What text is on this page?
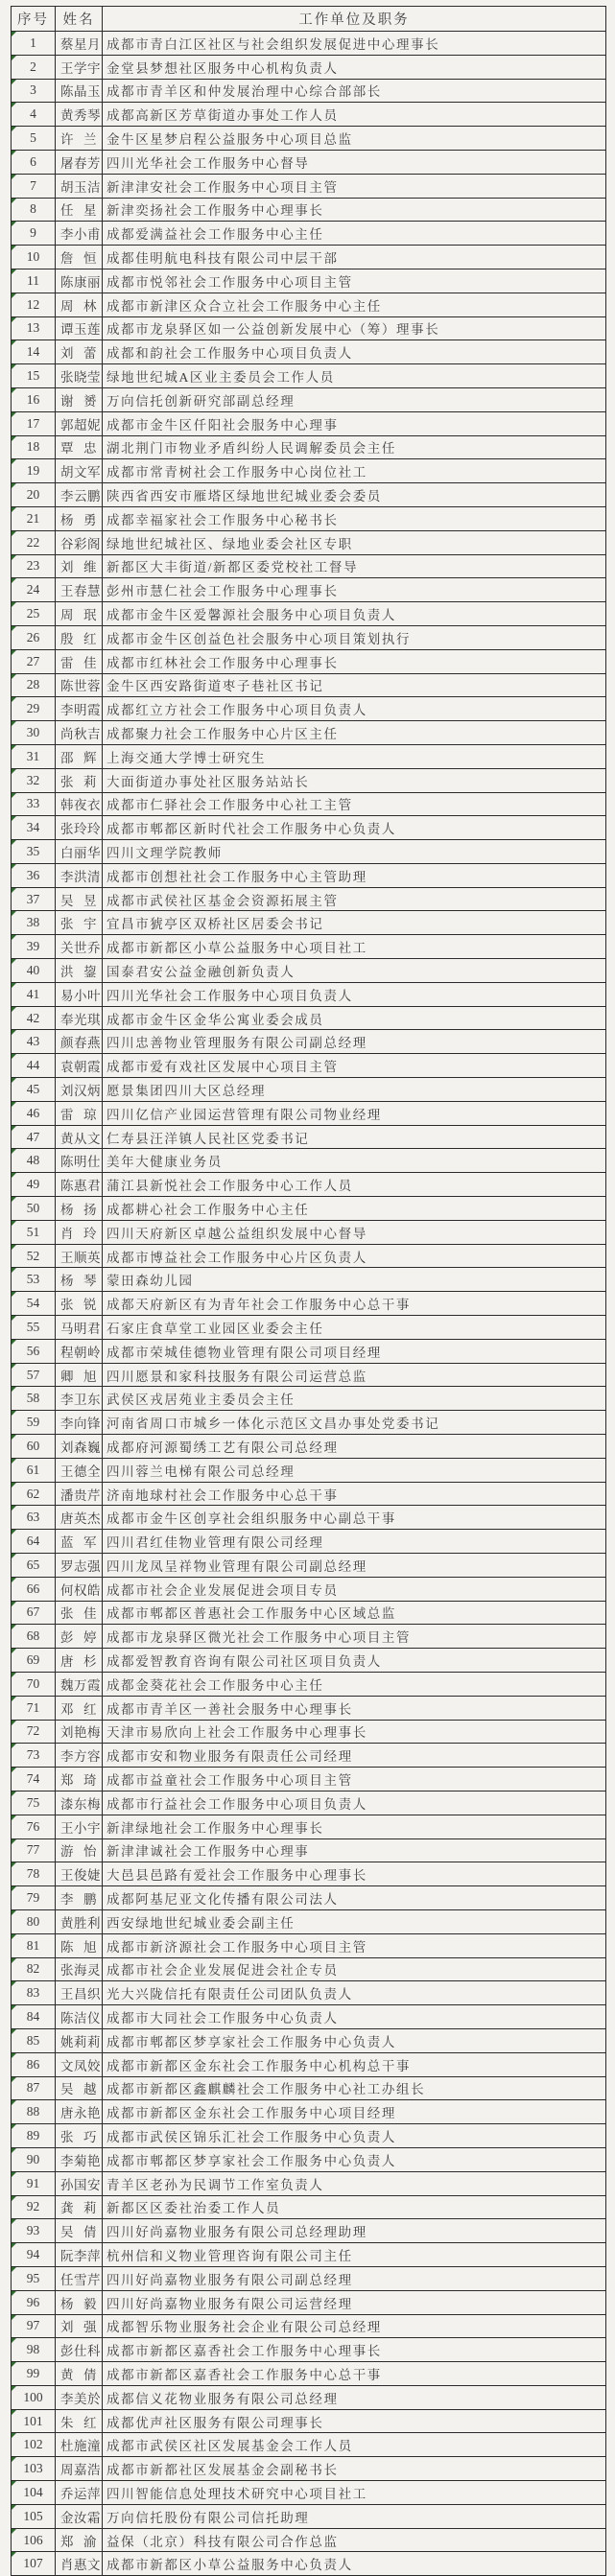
序号	姓名	工作单位及职务

1	蔡星月	成都市青白江区社区与社会组织发展促进中心理事长

2	王学宇	金堂县梦想社区服务中心机构负责人

3	陈晶玉	成都市青羊区和仲发展治理中心综合部部长

4	黄秀琴	成都高新区芳草街道办事处工作人员

5	许兰	金牛区星梦启程公益服务中心项目总监

6	屠春芳	四川光华社会工作服务中心督导

7	胡玉洁	新津津安社会工作服务中心项目主管

8	任星	新津奕扬社会工作服务中心理事长

9	李小甫	成都爱满益社会工作服务中心主任

10	詹恒	成都佳明航电科技有限公司中层干部

11	陈康丽	成都市悦邻社会工作服务中心项目主管

12	周林	成都市新津区众合立社会工作服务中心主任

13	谭玉莲	成都市龙泉驿区如一公益创新发展中心（筹）理事长

14	刘蕾	成都和韵社会工作服务中心项目负责人

15	张晓莹	绿地世纪城A区业主委员会工作人员

16	谢赟	万向信托创新研究部副总经理

17	郭超妮	成都市金牛区仟阳社会服务中心理事

18	覃忠	湖北荆门市物业矛盾纠纷人民调解委员会主任

19	胡文军	成都市常青树社会工作服务中心岗位社工

20	李云鹏	陕西省西安市雁塔区绿地世纪城业委会委员

21	杨勇	成都幸福家社会工作服务中心秘书长

22	谷彩阁	绿地世纪城社区、绿地业委会社区专职

23	刘维	新都区大丰街道/新都区委党校社工督导

24	王春慧	彭州市慧仁社会工作服务中心理事长

25	周珉	成都市金牛区爱馨源社会服务中心项目负责人

26	殷红	成都市金牛区创益色社会服务中心项目策划执行

27	雷佳	成都市红林社会工作服务中心理事长

28	陈世蓉	金牛区西安路街道枣子巷社区书记

29	李明霞	成都红立方社会工作服务中心项目负责人

30	尚秋吉	成都聚力社会工作服务中心片区主任

31	邵辉	上海交通大学博士研究生

32	张莉	大面街道办事处社区服务站站长

33	韩夜衣	成都市仁驿社会工作服务中心社工主管

34	张玲玲	成都市郫都区新时代社会工作服务中心负责人

35	白丽华	四川文理学院教师

36	李洪清	成都市创想社社会工作服务中心主管助理

37	吴昱	成都市武侯社区基金会资源拓展主管

38	张宇	宜昌市猇亭区双桥社区居委会书记

39	关世乔	成都市新都区小草公益服务中心项目社工

40	洪鋆	国泰君安公益金融创新负责人

41	易小叶	四川光华社会工作服务中心项目负责人

42	奉光琪	成都市金牛区金华公寓业委会成员

43	颜春燕	四川忠善物业管理服务有限公司副总经理

44	袁朝霞	成都市爱有戏社区发展中心项目主管

45	刘汉炳	愿景集团四川大区总经理

46	雷琼	四川亿信产业园运营管理有限公司物业经理

47	黄从文	仁寿县汪洋镇人民社区党委书记

48	陈明仕	美年大健康业务员

49	陈惠君	蒲江县新悦社会工作服务中心工作人员

50	杨扬	成都耕心社会工作服务中心主任

51	肖玲	四川天府新区卓越公益组织发展中心督导

52	王顺英	成都市博益社会工作服务中心片区负责人

53	杨琴	蒙田森幼儿园

54	张锐	成都天府新区有为青年社会工作服务中心总干事

55	马明君	石家庄食草堂工业园区业委会主任

56	程朝岭	成都市荣城佳德物业管理有限公司项目经理

57	卿旭	四川愿景和家科技服务有限公司运营总监

58	李卫东	武侯区戎居苑业主委员会主任

59	李向锋	河南省周口市城乡一体化示范区文昌办事处党委书记

60	刘森巍	成都府河源蜀绣工艺有限公司总经理

61	王德全	四川蓉兰电梯有限公司总经理

62	潘贵芹	济南地球村社会工作服务中心总干事

63	唐英杰	成都市金牛区创享社会组织服务中心副总干事

64	蓝军	四川君红佳物业管理有限公司经理

65	罗志强	四川龙凤呈祥物业管理有限公司副总经理

66	何权皓	成都市社会企业发展促进会项目专员

67	张佳	成都市郫都区普惠社会工作服务中心区域总监

68	彭婷	成都市龙泉驿区微光社会工作服务中心项目主管

69	唐杉	成都爱智教育咨询有限公司社区项目负责人

70	魏万霞	成都金葵花社会工作服务中心主任

71	邓红	成都市青羊区一善社会服务中心理事长

72	刘艳梅	天津市易欣向上社会工作服务中心理事长

73	李方容	成都市安和物业服务有限责任公司经理

74	郑琦	成都市益童社会工作服务中心项目主管

75	漆东梅	成都市行益社会工作服务中心项目负责人

76	王小宇	新津绿地社会工作服务中心理事长

77	游怡	新津津诚社会工作服务中心理事

78	王俊婕	大邑县邑路有爱社会工作服务中心理事长

79	李鹏	成都阿基尼亚文化传播有限公司法人

80	黄胜利	西安绿地世纪城业委会副主任

81	陈旭	成都市新济源社会工作服务中心项目主管

82	张海灵	成都市社会企业发展促进会社企专员

83	王昌织	光大兴陇信托有限责任公司团队负责人

84	陈洁仪	成都市大同社会工作服务中心负责人

85	姚莉莉	成都市郫都区梦享家社会工作服务中心负责人

86	文凤姣	成都市新都区金东社会工作服务中心机构总干事

87	吴越	成都市新都区鑫麒麟社会工作服务中心社工办组长

88	唐永艳	成都市新都区金东社会工作服务中心项目经理

89	张巧	成都市武侯区锦乐汇社会工作服务中心负责人

90	李菊艳	成都市郫都区梦享家社会工作服务中心负责人

91	孙国安	青羊区老孙为民调节工作室负责人

92	龚莉	新都区区委社治委工作人员

93	吴倩	四川好尚嘉物业服务有限公司总经理助理

94	阮李萍	杭州信和义物业管理咨询有限公司主任

95	任雪芹	四川好尚嘉物业服务有限公司副总经理

96	杨毅	四川好尚嘉物业服务有限公司运营经理

97	刘强	成都智乐物业服务社会企业有限公司总经理

98	彭仕科	成都市新都区嘉香社会工作服务中心理事长

99	黄倩	成都市新都区嘉香社会工作服务中心总干事

100	李美於	成都信义花物业服务有限公司总经理

101	朱红	成都优声社区服务有限公司理事长

102	杜施潼	成都市武侯区社区发展基金会工作人员

103	周嘉浩	成都市新都社区发展基金会副秘书长

104	乔运萍	四川智能信息处理技术研究中心项目社工

105	金汝霜	万向信托股份有限公司信托助理

106	郑渝	益保（北京）科技有限公司合作总监

107	肖惠文	成都市新都区小草公益服务中心负责人
